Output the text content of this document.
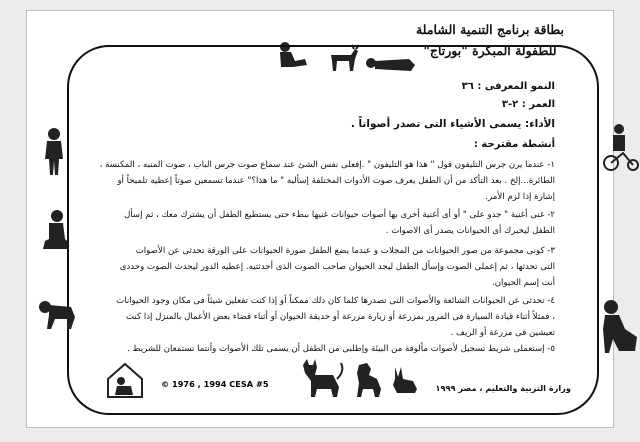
بطاقة برنامج التنمية الشاملة
للطفولة المبكرة "بورتاج"
النمو المعرفى : ٣٦
العمر : ٢-٣
الأداء: يسمى الأشياء التى تصدر أصواتاً .
أنشطة مقترحة :
١- عندما يرن جرس التليفون قول " هذا هو التليفون " .إفعلى نفس الشئ عند سماع صوت جرس الباب ، صوت المنبه ، المكنسة ،
الطائرة...إلخ . بعد التأكد من أن الطفل يعرف صوت الأدوات المختلفة إسأليه " ما هذا؟" عندما تسمعين صوتاً إعطيه تلميحاً أو
إشارة إذا لزم الأمر.
٢- غنى أغنية " جدو على " أو أى أغنية أخرى بها أصوات حيوانات غنيها ببطء حتى يستطيع الطفل أن يشترك معك ، ثم إسأل
الطفل ليخبرك أى الحيوانات يصدر أى الاصوات .
٣- كونى مجموعة من صور الحيوانات من المجلات و عندما يضع الطفل صورة الحيوانات على الورقة تحدثى عن الأصوات
التى تحدثها ، ثم إعملى الصوت وإسأل الطفل ليجد الحيوان صاحب الصوت الذى أحدثتيه. إعطيه الدور ليحدث الصوت وحددى
أنت إسم الحيوان.
٤- تحدثى عن الحيوانات الشائعة والأصوات التى تصدرها كلما كان ذلك ممكناً أو إذا كنت تفعلين شيئاً فى مكان وجود الحيوانات
، فمثلاً أثناء قيادة السيارة فى المرور بمزرعة أو زيارة مزرعة أو حديقة الحيوان أو أثناء قضاء بعض الأعمال بالمنزل إذا كنت
تعيشين فى مزرعة أو الريف .
٥- إستعملى شريط تسجيل لأصوات مألوفة من البيئة وإطلبى من الطفل أن يسمى تلك الأصوات وأنتما تستمعان للشريط .
© 1976 , 1994 CESA #5	وزارة التربية والتعليم ، مصر ١٩٩٩
